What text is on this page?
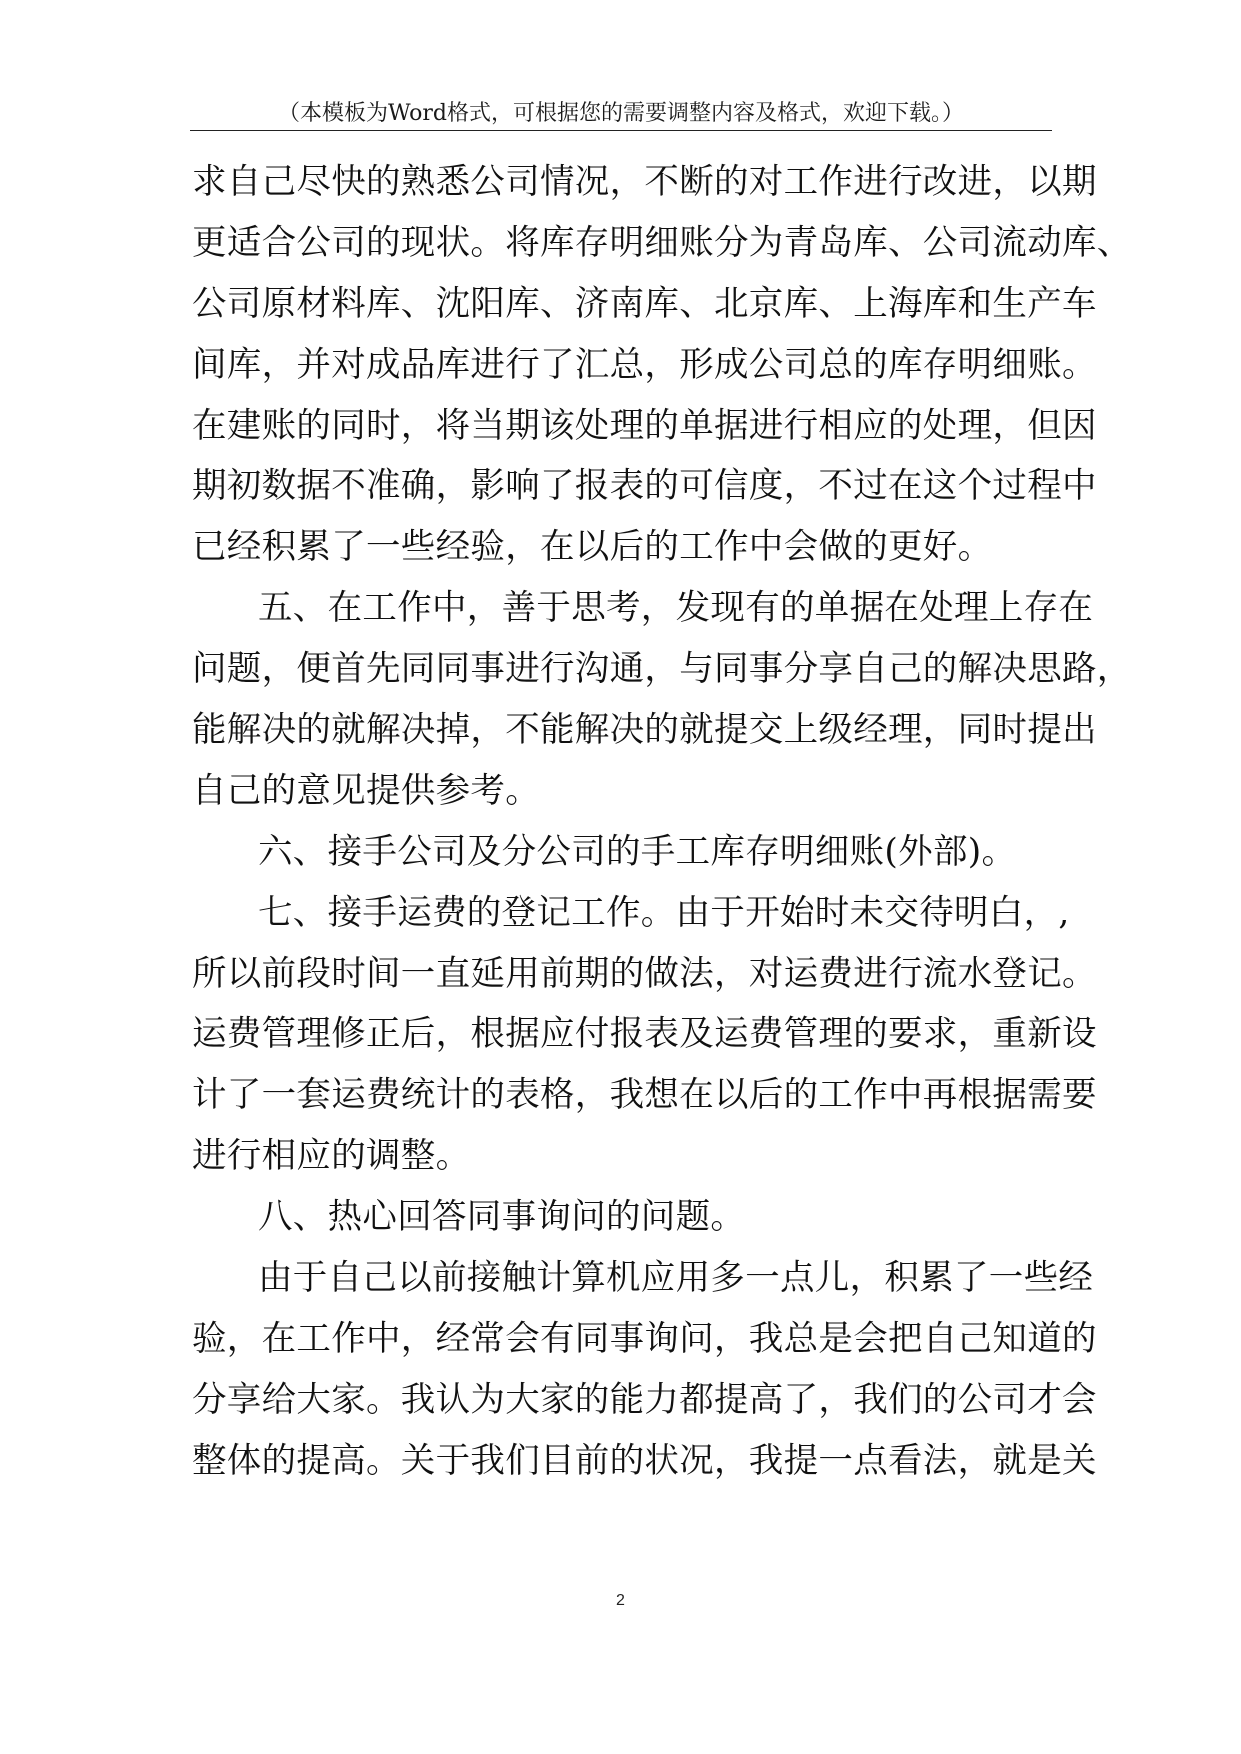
（本模板为Word格式，可根据您的需要调整内容及格式，欢迎下载。）
求自己尽快的熟悉公司情况，不断的对工作进行改进，以期
更适合公司的现状。将库存明细账分为青岛库、公司流动库、
公司原材料库、沈阳库、济南库、北京库、上海库和生产车
间库，并对成品库进行了汇总，形成公司总的库存明细账。
在建账的同时，将当期该处理的单据进行相应的处理，但因
期初数据不准确，影响了报表的可信度，不过在这个过程中
已经积累了一些经验，在以后的工作中会做的更好。
五、在工作中，善于思考，发现有的单据在处理上存在
问题，便首先同同事进行沟通，与同事分享自己的解决思路，
能解决的就解决掉，不能解决的就提交上级经理，同时提出
自己的意见提供参考。
六、接手公司及分公司的手工库存明细账(外部)。
七、接手运费的登记工作。由于开始时未交待明白，,
所以前段时间一直延用前期的做法，对运费进行流水登记。
运费管理修正后，根据应付报表及运费管理的要求，重新设
计了一套运费统计的表格，我想在以后的工作中再根据需要
进行相应的调整。
八、热心回答同事询问的问题。
由于自己以前接触计算机应用多一点儿，积累了一些经
验，在工作中，经常会有同事询问，我总是会把自己知道的
分享给大家。我认为大家的能力都提高了，我们的公司才会
整体的提高。关于我们目前的状况，我提一点看法，就是关
2
